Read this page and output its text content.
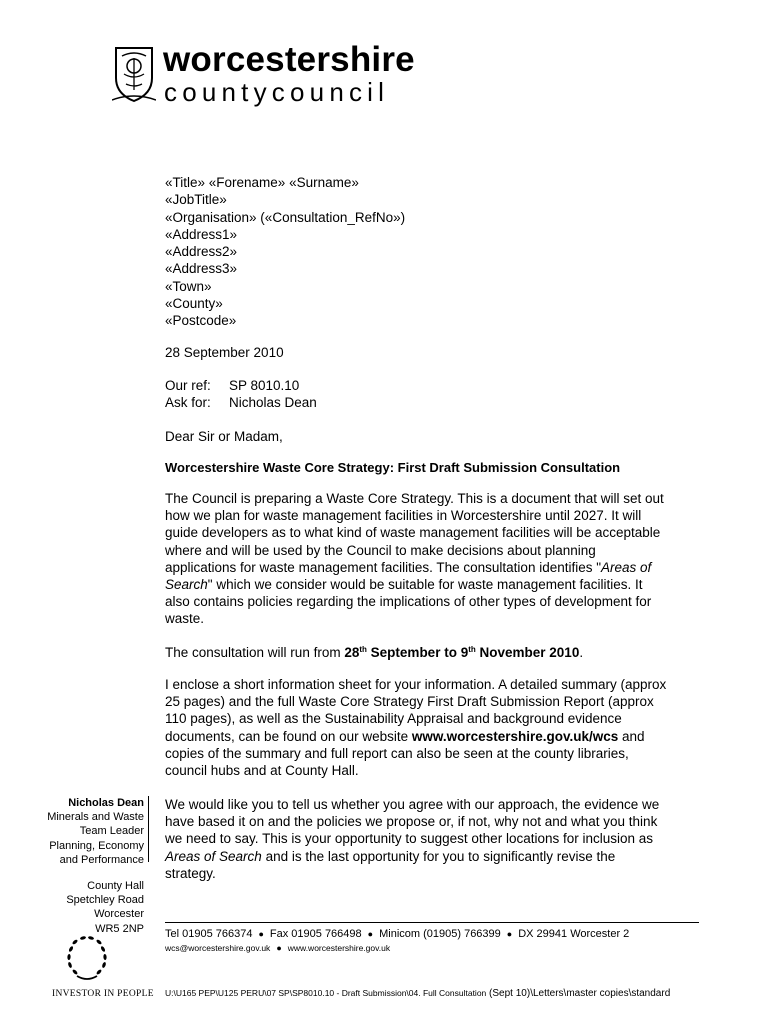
worcestershire
countycouncil
«Title» «Forename» «Surname»
«JobTitle»
«Organisation» («Consultation_RefNo»)
«Address1»
«Address2»
«Address3»
«Town»
«County»
«Postcode»
28 September 2010
Our ref: SP 8010.10
Ask for: Nicholas Dean
Dear Sir or Madam,
Worcestershire Waste Core Strategy: First Draft Submission Consultation
The Council is preparing a Waste Core Strategy. This is a document that will set out
how we plan for waste management facilities in Worcestershire until 2027. It will
guide developers as to what kind of waste management facilities will be acceptable
where and will be used by the Council to make decisions about planning
applications for waste management facilities. The consultation identifies "Areas of
Search" which we consider would be suitable for waste management facilities. It
also contains policies regarding the implications of other types of development for
waste.
The consultation will run from 28th September to 9th November 2010.
I enclose a short information sheet for your information. A detailed summary (approx
25 pages) and the full Waste Core Strategy First Draft Submission Report (approx
110 pages), as well as the Sustainability Appraisal and background evidence
documents, can be found on our website www.worcestershire.gov.uk/wcs and
copies of the summary and full report can also be seen at the county libraries,
council hubs and at County Hall.
We would like you to tell us whether you agree with our approach, the evidence we
have based it on and the policies we propose or, if not, why not and what you think
we need to say. This is your opportunity to suggest other locations for inclusion as
Areas of Search and is the last opportunity for you to significantly revise the
strategy.
Nicholas Dean
Minerals and Waste
Team Leader
Planning, Economy
and Performance
County Hall
Spetchley Road
Worcester
WR5 2NP Tel 01905 766374 ● Fax 01905 766498 ● Minicom (01905) 766399 ● DX 29941 Worcester 2
wcs@worcestershire.gov.uk ● www.worcestershire.gov.uk
U:\U165 PEP\U125 PERU\07 SP\SP8010.10 - Draft Submission\04. Full Consultation (Sept 10)\Letters\master copies\standard
INVESTOR IN PEOPLE
